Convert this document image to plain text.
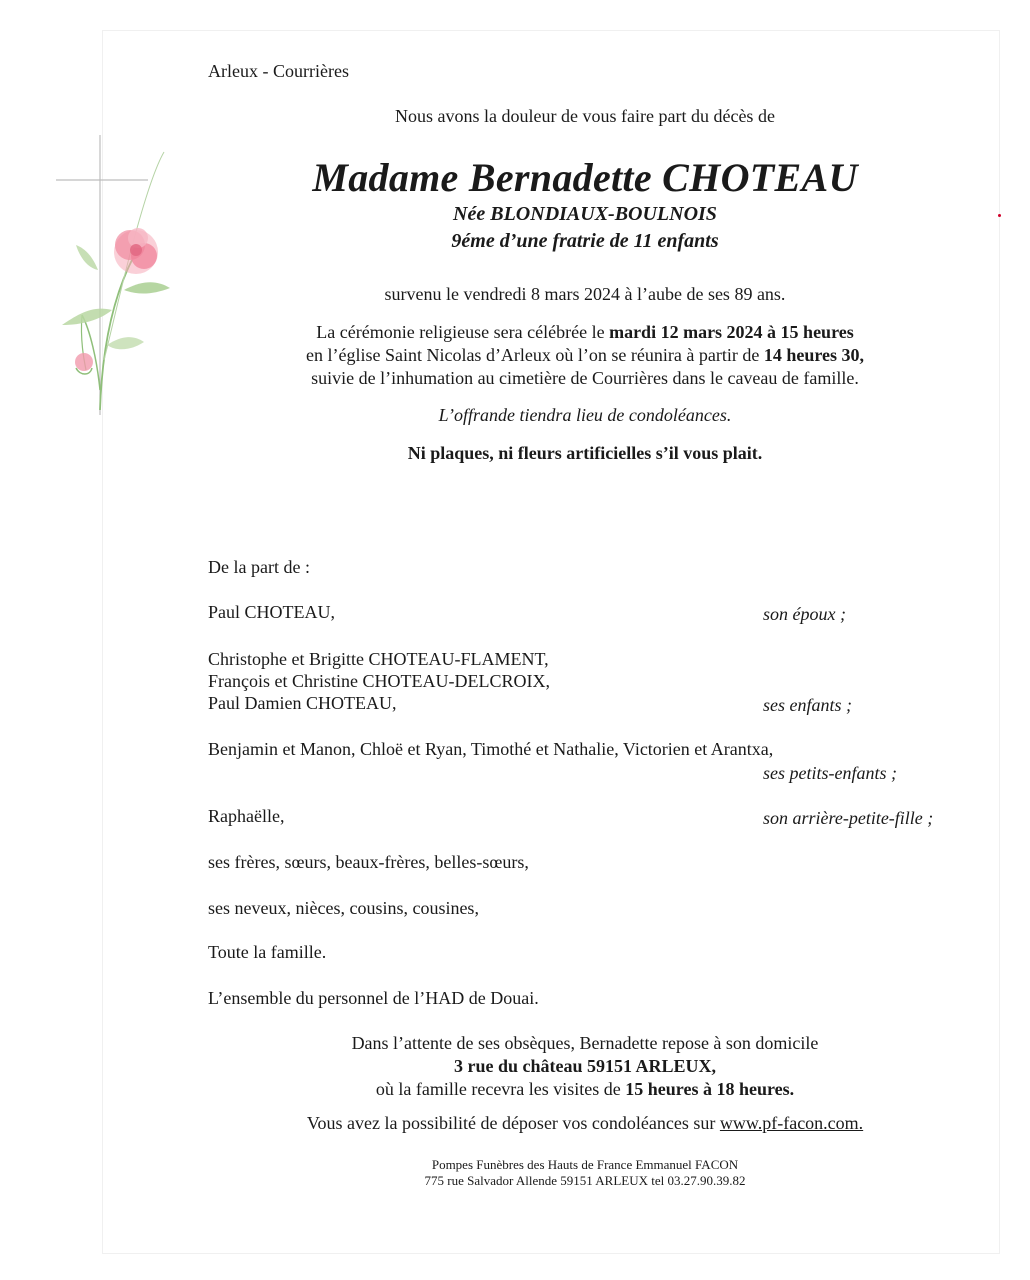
Arleux - Courrières
Nous avons la douleur de vous faire part du décès de
Madame Bernadette CHOTEAU
Née BLONDIAUX-BOULNOIS
9éme d’une fratrie de 11 enfants
survenu le vendredi 8 mars 2024 à l’aube de ses 89 ans.
La cérémonie religieuse sera célébrée le mardi 12 mars 2024 à 15 heures
en l’église Saint Nicolas d’Arleux où l’on se réunira à partir de 14 heures 30,
suivie de l’inhumation au cimetière de Courrières dans le caveau de famille.
L’offrande tiendra lieu de condoléances.
Ni plaques, ni fleurs artificielles s’il vous plait.
De la part de :
Paul CHOTEAU,	son époux ;
Christophe et Brigitte CHOTEAU-FLAMENT,
François et Christine CHOTEAU-DELCROIX,
Paul Damien CHOTEAU,	ses enfants ;
Benjamin et Manon, Chloë et Ryan, Timothé et Nathalie, Victorien et Arantxa,
ses petits-enfants ;
Raphaëlle,	son arrière-petite-fille ;
ses frères, sœurs, beaux-frères, belles-sœurs,
ses neveux, nièces, cousins, cousines,
Toute la famille.
L’ensemble du personnel de l’HAD de Douai.
Dans l’attente de ses obsèques, Bernadette repose à son domicile
3 rue du château 59151 ARLEUX,
où la famille recevra les visites de 15 heures à 18 heures.
Vous avez la possibilité de déposer vos condoléances sur www.pf-facon.com.
Pompes Funèbres des Hauts de France Emmanuel FACON
775 rue Salvador Allende 59151 ARLEUX tel 03.27.90.39.82
